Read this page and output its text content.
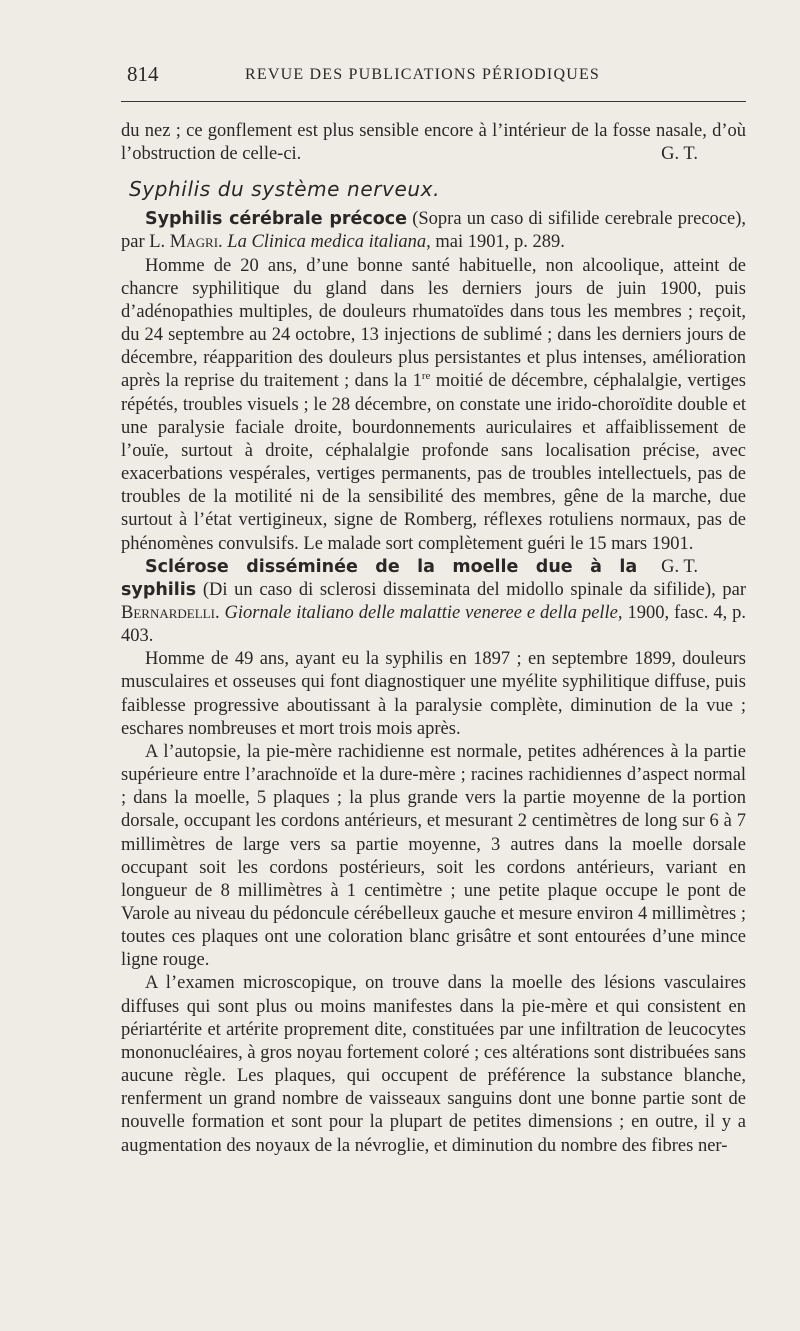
814	REVUE DES PUBLICATIONS PÉRIODIQUES

du nez ; ce gonflement est plus sensible encore à l’intérieur de la fosse nasale, d’où l’obstruction de celle-ci.	G. T.

Syphilis du système nerveux.

Syphilis cérébrale précoce (Sopra un caso di sifilide cerebrale precoce), par L. Magri. La Clinica medica italiana, mai 1901, p. 289.

Homme de 20 ans, d’une bonne santé habituelle, non alcoolique, atteint de chancre syphilitique du gland dans les derniers jours de juin 1900, puis d’adénopathies multiples, de douleurs rhumatoïdes dans tous les membres ; reçoit, du 24 septembre au 24 octobre, 13 injections de sublimé ; dans les derniers jours de décembre, réapparition des douleurs plus persistantes et plus intenses, amélioration après la reprise du traitement ; dans la 1re moitié de décembre, céphalalgie, vertiges répétés, troubles visuels ; le 28 décembre, on constate une irido-choroïdite double et une paralysie faciale droite, bourdonnements auriculaires et affaiblissement de l’ouïe, surtout à droite, céphalalgie profonde sans localisation précise, avec exacerbations vespérales, vertiges permanents, pas de troubles intellectuels, pas de troubles de la motilité ni de la sensibilité des membres, gêne de la marche, due surtout à l’état vertigineux, signe de Romberg, réflexes rotuliens normaux, pas de phénomènes convulsifs. Le malade sort complètement guéri le 15 mars 1901.
G. T.

Sclérose disséminée de la moelle due à la syphilis (Di un caso di sclerosi disseminata del midollo spinale da sifilide), par Bernardelli. Giornale italiano delle malattie veneree e della pelle, 1900, fasc. 4, p. 403.

Homme de 49 ans, ayant eu la syphilis en 1897 ; en septembre 1899, douleurs musculaires et osseuses qui font diagnostiquer une myélite syphilitique diffuse, puis faiblesse progressive aboutissant à la paralysie complète, diminution de la vue ; eschares nombreuses et mort trois mois après.

A l’autopsie, la pie-mère rachidienne est normale, petites adhérences à la partie supérieure entre l’arachnoïde et la dure-mère ; racines rachidiennes d’aspect normal ; dans la moelle, 5 plaques ; la plus grande vers la partie moyenne de la portion dorsale, occupant les cordons antérieurs, et mesurant 2 centimètres de long sur 6 à 7 millimètres de large vers sa partie moyenne, 3 autres dans la moelle dorsale occupant soit les cordons postérieurs, soit les cordons antérieurs, variant en longueur de 8 millimètres à 1 centimètre ; une petite plaque occupe le pont de Varole au niveau du pédoncule cérébelleux gauche et mesure environ 4 millimètres ; toutes ces plaques ont une coloration blanc grisâtre et sont entourées d’une mince ligne rouge.

A l’examen microscopique, on trouve dans la moelle des lésions vasculaires diffuses qui sont plus ou moins manifestes dans la pie-mère et qui consistent en périartérite et artérite proprement dite, constituées par une infiltration de leucocytes mononucléaires, à gros noyau fortement coloré ; ces altérations sont distribuées sans aucune règle. Les plaques, qui occupent de préférence la substance blanche, renferment un grand nombre de vaisseaux sanguins dont une bonne partie sont de nouvelle formation et sont pour la plupart de petites dimensions ; en outre, il y a augmentation des noyaux de la névroglie, et diminution du nombre des fibres ner-
